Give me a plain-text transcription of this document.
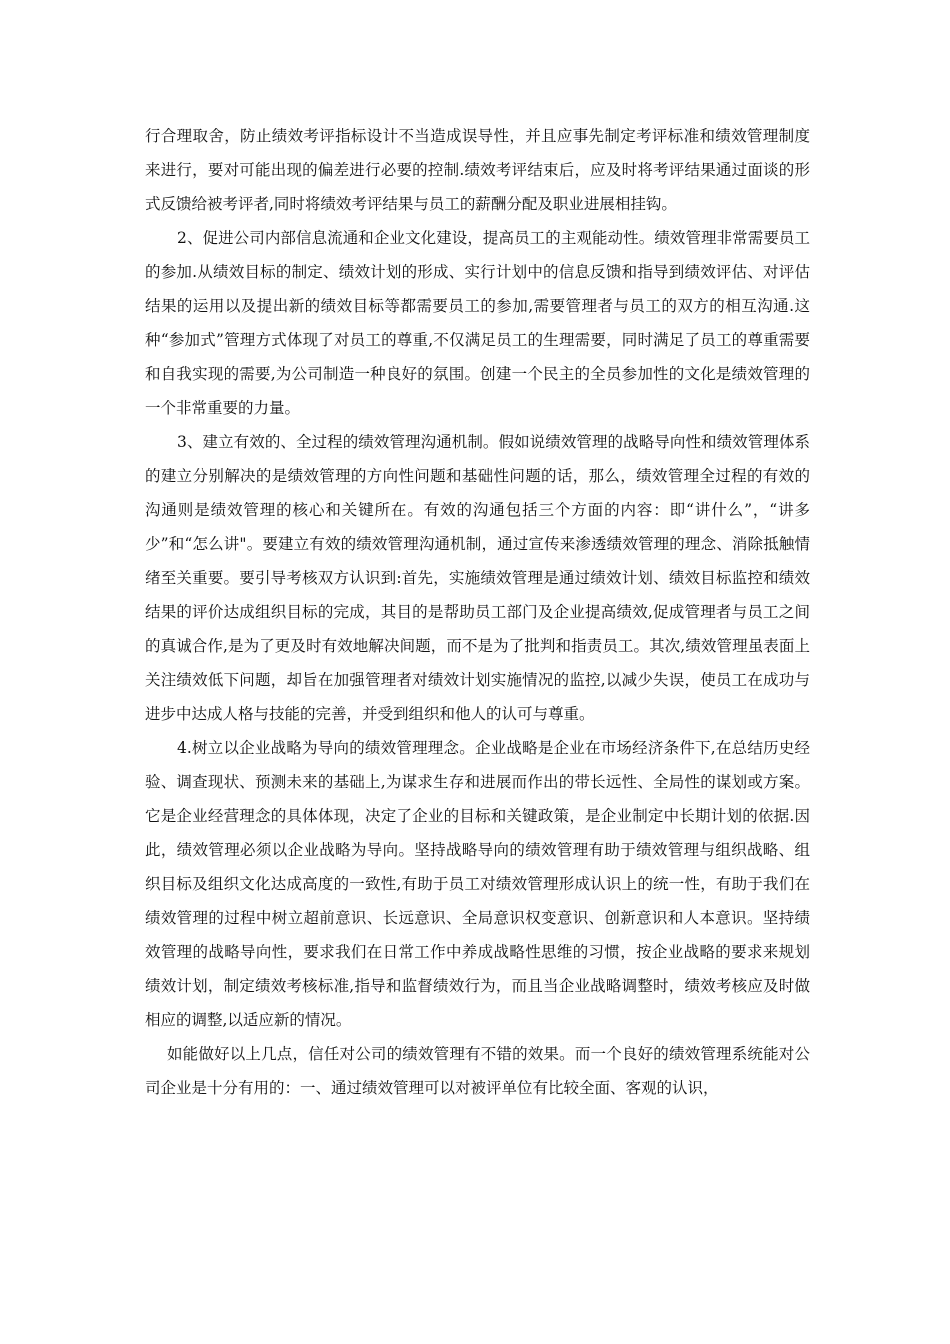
行合理取舍，防止绩效考评指标设计不当造成误导性，并且应事先制定考评标准和绩效管理制度来进行，要对可能出现的偏差进行必要的控制.绩效考评结束后，应及时将考评结果通过面谈的形式反馈给被考评者,同时将绩效考评结果与员工的薪酬分配及职业进展相挂钩。

2、促进公司内部信息流通和企业文化建设，提高员工的主观能动性。绩效管理非常需要员工的参加.从绩效目标的制定、绩效计划的形成、实行计划中的信息反馈和指导到绩效评估、对评估结果的运用以及提出新的绩效目标等都需要员工的参加,需要管理者与员工的双方的相互沟通.这种“参加式”管理方式体现了对员工的尊重,不仅满足员工的生理需要，同时满足了员工的尊重需要和自我实现的需要,为公司制造一种良好的氛围。创建一个民主的全员参加性的文化是绩效管理的一个非常重要的力量。

3、建立有效的、全过程的绩效管理沟通机制。假如说绩效管理的战略导向性和绩效管理体系的建立分别解决的是绩效管理的方向性问题和基础性问题的话，那么，绩效管理全过程的有效的沟通则是绩效管理的核心和关键所在。有效的沟通包括三个方面的内容：即“讲什么”，“讲多少”和“怎么讲"。要建立有效的绩效管理沟通机制，通过宣传来渗透绩效管理的理念、消除抵触情绪至关重要。要引导考核双方认识到:首先，实施绩效管理是通过绩效计划、绩效目标监控和绩效结果的评价达成组织目标的完成，其目的是帮助员工部门及企业提高绩效,促成管理者与员工之间的真诚合作,是为了更及时有效地解决间题，而不是为了批判和指责员工。其次,绩效管理虽表面上关注绩效低下问题，却旨在加强管理者对绩效计划实施情况的监控,以减少失误，使员工在成功与进步中达成人格与技能的完善，并受到组织和他人的认可与尊重。

4.树立以企业战略为导向的绩效管理理念。企业战略是企业在市场经济条件下,在总结历史经验、调查现状、预测未来的基础上,为谋求生存和进展而作出的带长远性、全局性的谋划或方案。它是企业经营理念的具体体现，决定了企业的目标和关键政策，是企业制定中长期计划的依据.因此，绩效管理必须以企业战略为导向。坚持战略导向的绩效管理有助于绩效管理与组织战略、组织目标及组织文化达成高度的一致性,有助于员工对绩效管理形成认识上的统一性，有助于我们在绩效管理的过程中树立超前意识、长远意识、全局意识权变意识、创新意识和人本意识。坚持绩效管理的战略导向性，要求我们在日常工作中养成战略性思维的习惯，按企业战略的要求来规划绩效计划，制定绩效考核标准,指导和监督绩效行为，而且当企业战略调整时，绩效考核应及时做相应的调整,以适应新的情况。

如能做好以上几点，信任对公司的绩效管理有不错的效果。而一个良好的绩效管理系统能对公司企业是十分有用的：一、通过绩效管理可以对被评单位有比较全面、客观的认识，
